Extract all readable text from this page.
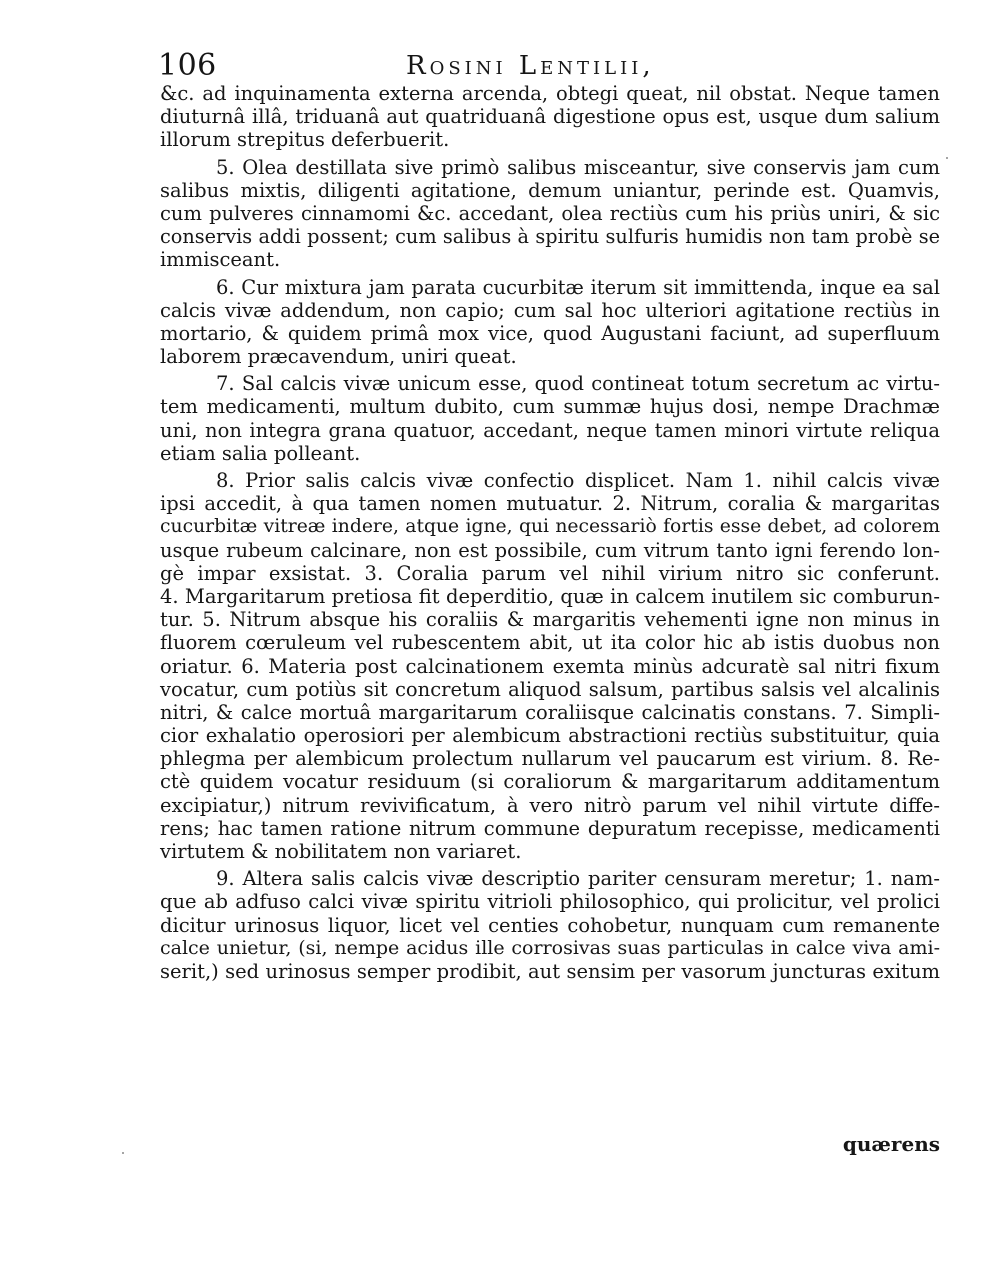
106	Rosini Lentilii,
&c. ad inquinamenta externa arcenda, obtegi queat, nil obstat. Neque tamen
diuturnâ illâ, triduanâ aut quatriduanâ digestione opus est, usque dum salium
illorum strepitus deferbuerit.
5. Olea destillata sive primò salibus misceantur, sive conservis jam cum
salibus mixtis, diligenti agitatione, demum uniantur, perinde est. Quamvis,
cum pulveres cinnamomi &c. accedant, olea rectiùs cum his priùs uniri, & sic
conservis addi possent; cum salibus à spiritu sulfuris humidis non tam probè se
immisceant.
6. Cur mixtura jam parata cucurbitæ iterum sit immittenda, inque ea sal
calcis vivæ addendum, non capio; cum sal hoc ulteriori agitatione rectiùs in
mortario, & quidem primâ mox vice, quod Augustani faciunt, ad superfluum
laborem præcavendum, uniri queat.
7. Sal calcis vivæ unicum esse, quod contineat totum secretum ac virtu-
tem medicamenti, multum dubito, cum summæ hujus dosi, nempe Drachmæ
uni, non integra grana quatuor, accedant, neque tamen minori virtute reliqua
etiam salia polleant.
8. Prior salis calcis vivæ confectio displicet. Nam 1. nihil calcis vivæ
ipsi accedit, à qua tamen nomen mutuatur. 2. Nitrum, coralia & margaritas
cucurbitæ vitreæ indere, atque igne, qui necessariò fortis esse debet, ad colorem
usque rubeum calcinare, non est possibile, cum vitrum tanto igni ferendo lon-
gè impar exsistat. 3. Coralia parum vel nihil virium nitro sic conferunt.
4. Margaritarum pretiosa fit deperditio, quæ in calcem inutilem sic comburun-
tur. 5. Nitrum absque his coraliis & margaritis vehementi igne non minus in
fluorem cœruleum vel rubescentem abit, ut ita color hic ab istis duobus non
oriatur. 6. Materia post calcinationem exemta minùs adcuratè sal nitri fixum
vocatur, cum potiùs sit concretum aliquod salsum, partibus salsis vel alcalinis
nitri, & calce mortuâ margaritarum coraliisque calcinatis constans. 7. Simpli-
cior exhalatio operosiori per alembicum abstractioni rectiùs substituitur, quia
phlegma per alembicum prolectum nullarum vel paucarum est virium. 8. Re-
ctè quidem vocatur residuum (si coraliorum & margaritarum additamentum
excipiatur,) nitrum revivificatum, à vero nitrò parum vel nihil virtute diffe-
rens; hac tamen ratione nitrum commune depuratum recepisse, medicamenti
virtutem & nobilitatem non variaret.
9. Altera salis calcis vivæ descriptio pariter censuram meretur; 1. nam-
que ab adfuso calci vivæ spiritu vitrioli philosophico, qui prolicitur, vel prolici
dicitur urinosus liquor, licet vel centies cohobetur, nunquam cum remanente
calce unietur, (si, nempe acidus ille corrosivas suas particulas in calce viva ami-
serit,) sed urinosus semper prodibit, aut sensim per vasorum juncturas exitum
quærens
